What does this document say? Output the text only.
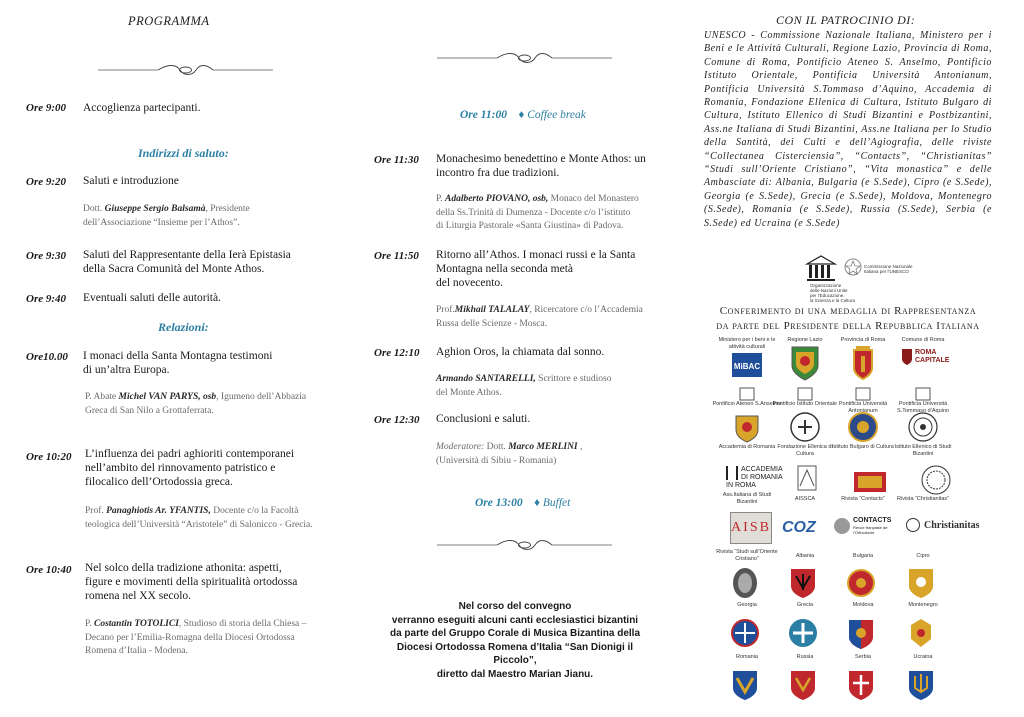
PROGRAMMA
Ore 9:00 Accoglienza partecipanti.
Indirizzi di saluto:
Ore 9:20 Saluti e introduzione
Dott. Giuseppe Sergio Balsamà, Presidente
dell’Associazione “Insieme per l’Athos”.
Ore 9:30 Saluti del Rappresentante della Ierà Epistasia
della Sacra Comunità del Monte Athos.
Ore 9:40 Eventuali saluti delle autorità.
Relazioni:
Ore10.00 I monaci della Santa Montagna testimoni
di un’altra Europa.
P. Abate Michel VAN PARYS, osb, Igumeno dell’Abbazia
Greca di San Nilo a Grottaferrata.
Ore 10:20 L’influenza dei padri aghioriti contemporanei
nell’ambito del rinnovamento patristico e
filocalico dell’Ortodossia greca.
Prof. Panaghiotis Ar. YFANTIS, Docente c/o la Facoltà
teologica dell’Università “Aristotele” di Salonicco - Grecia.
Ore 10:40 Nel solco della tradizione athonita: aspetti,
figure e movimenti della spiritualità ortodossa
romena nel XX secolo.
P. Costantin TOTOLICI, Studioso di storia della Chiesa –
Decano per l’Emilia-Romagna della Diocesi Ortodossa
Romena d’Italia - Modena.
Ore 11:00 ♦ Coffee break
Ore 11:30 Monachesimo benedettino e Monte Athos: un
incontro fra due tradizioni.
P. Adalberto PIOVANO, osb, Monaco del Monastero
della Ss.Trinità di Dumenza - Docente c/o l’istituto
di Liturgia Pastorale «Santa Giustina» di Padova.
Ore 11:50 Ritorno all’Athos. I monaci russi e la Santa
Montagna nella seconda metà
del novecento.
Prof.Mikhail TALALAY, Ricercatore c/o l’Accademia
Russa delle Scienze - Mosca.
Ore 12:10 Aghion Oros, la chiamata dal sonno.
Armando SANTARELLI, Scrittore e studioso
del Monte Athos.
Ore 12:30 Conclusioni e saluti.
Moderatore: Dott. Marco MERLINI ,
(Università di Sibiu - Romania)
Ore 13:00 ♦ Buffet
Nel corso del convegno
verranno eseguiti alcuni canti ecclesiastici bizantini
da parte del Gruppo Corale di Musica Bizantina della
Diocesi Ortodossa Romena d’Italia “San Dionigi il Piccolo”,
diretto dal Maestro Marian Jianu.
CON IL PATROCINIO DI:
UNESCO - Commissione Nazionale Italiana, Ministero per i Beni e le Attività Culturali, Regione Lazio, Provincia di Roma, Comune di Roma, Pontificio Ateneo S. Anselmo, Pontificio Istituto Orientale, Pontificia Università Antonianum, Pontificia Università S.Tommaso d’Aquino, Accademia di Romania, Fondazione Ellenica di Cultura, Istituto Bulgaro di Cultura, Istituto Ellenico di Studi Bizantini e Postbizantini, Ass.ne Italiana di Studi Bizantini, Ass.ne Italiana per lo Studio della Santità, dei Culti e dell’Agiografia, delle riviste “Collectanea Cisterciensia”, “Contacts”, “Christianitas” “Studi sull’Oriente Cristiano”, “Vita monastica” e delle Ambasciate di: Albania, Bulgaria (e S.Sede), Cipro (e S.Sede), Georgia (e S.Sede), Grecia (e S.Sede), Moldova, Montenegro (S.Sede), Romania (e S.Sede), Russia (S.Sede), Serbia (e S.Sede) ed Ucraina (e S.Sede)
Organizzazione
delle Nazioni Unite
per l’Educazione,
la Scienza e la Cultura
Commissione Nazionale
Italiana per l’UNESCO
Conferimento di una medaglia di Rappresentanza
da parte del Presidente della Repubblica Italiana
Ministero per i beni e le attività culturali
MiBAC
Regione Lazio	Provincia di Roma	Comune di Roma
ROMA CAPITALE
Pontificio Ateneo S.Anselmo
Pontificio Istituto Orientale Pontificia Università Antonianum
Pontificia Università S.Tommaso d’Aquino
Accademia di Romania Fondazione Ellenica di Cultura
Istituto Bulgaro di Cultura Istituto Ellenico di Studi Bizantini
ACCADEMIA DI ROMANIA IN ROMA
Ass.Italiana di Studi Bizantini	AISSCA	Rivista “Contacts”	Rivista “Christianitas”
AISB COZ	CONTACTS
Revue française de l’Orthodoxie
Christianitas
Rivista “Studi sull’Oriente Cristiano”	Albania	Bulgaria	Cipro
Georgia	Grecia	Moldova	Montenegro
Romania	Russia	Serbia	Ucraina
